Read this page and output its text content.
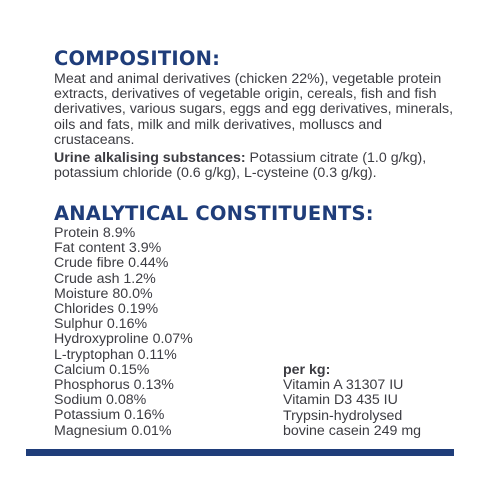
COMPOSITION:

Meat and animal derivatives (chicken 22%), vegetable protein extracts, derivatives of vegetable origin, cereals, fish and fish derivatives, various sugars, eggs and egg derivatives, minerals, oils and fats, milk and milk derivatives, molluscs and crustaceans.

Urine alkalising substances: Potassium citrate (1.0 g/kg), potassium chloride (0.6 g/kg), L-cysteine (0.3 g/kg).

ANALYTICAL CONSTITUENTS:
Protein 8.9%
Fat content 3.9%
Crude fibre 0.44%
Crude ash 1.2%
Moisture 80.0%
Chlorides 0.19%
Sulphur 0.16%
Hydroxyproline 0.07%
L-tryptophan 0.11%
Calcium 0.15%
Phosphorus 0.13%
Sodium 0.08%
Potassium 0.16%
Magnesium 0.01%
per kg:
Vitamin A 31307 IU
Vitamin D3 435 IU
Trypsin-hydrolysed
bovine casein 249 mg
